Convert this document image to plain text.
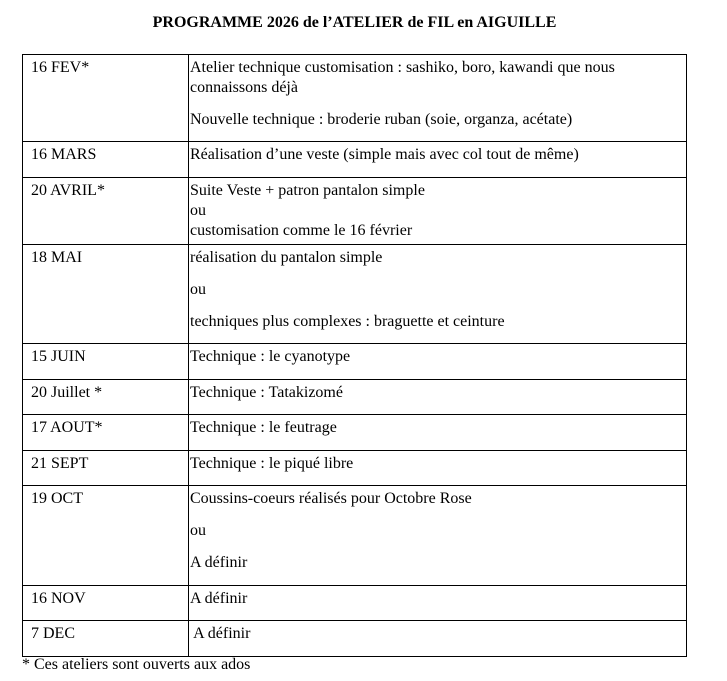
PROGRAMME 2026 de l’ATELIER de FIL en AIGUILLE
16 FEV*	Atelier technique customisation : sashiko, boro, kawandi que nous connaissons déjà
Nouvelle technique : broderie ruban (soie, organza, acétate)

16 MARS	Réalisation d’une veste (simple mais avec col tout de même)

20 AVRIL*	Suite Veste + patron pantalon simple
ou
customisation comme le 16 février

18 MAI	réalisation du pantalon simple
ou
techniques plus complexes : braguette et ceinture

15 JUIN	Technique : le cyanotype

20 Juillet *	Technique : Tatakizomé

17 AOUT*	Technique : le feutrage

21 SEPT	Technique : le piqué libre

19 OCT	Coussins-coeurs réalisés pour Octobre Rose
ou
A définir

16 NOV	A définir

7 DEC	A définir
* Ces ateliers sont ouverts aux ados
